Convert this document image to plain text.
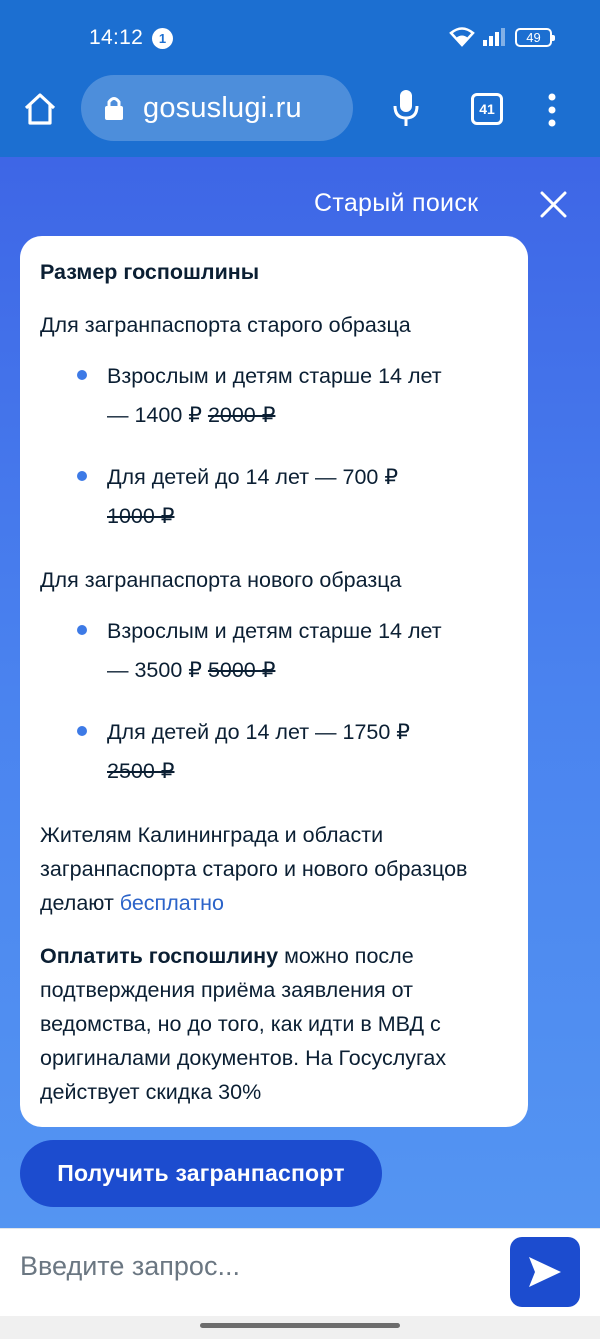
14:12	1	49
gosuslugi.ru	41
Старый поиск
Размер госпошлины
Для загранпаспорта старого образца
Взрослым и детям старше 14 лет
— 1400 ₽ 2000 ₽
Для детей до 14 лет — 700 ₽
1000 ₽
Для загранпаспорта нового образца
Взрослым и детям старше 14 лет
— 3500 ₽ 5000 ₽
Для детей до 14 лет — 1750 ₽
2500 ₽
Жителям Калининграда и области
загранпаспорта старого и нового образцов
делают бесплатно
Оплатить госпошлину можно после
подтверждения приёма заявления от
ведомства, но до того, как идти в МВД с
оригиналами документов. На Госуслугах
действует скидка 30%
Получить загранпаспорт
Введите запрос...
